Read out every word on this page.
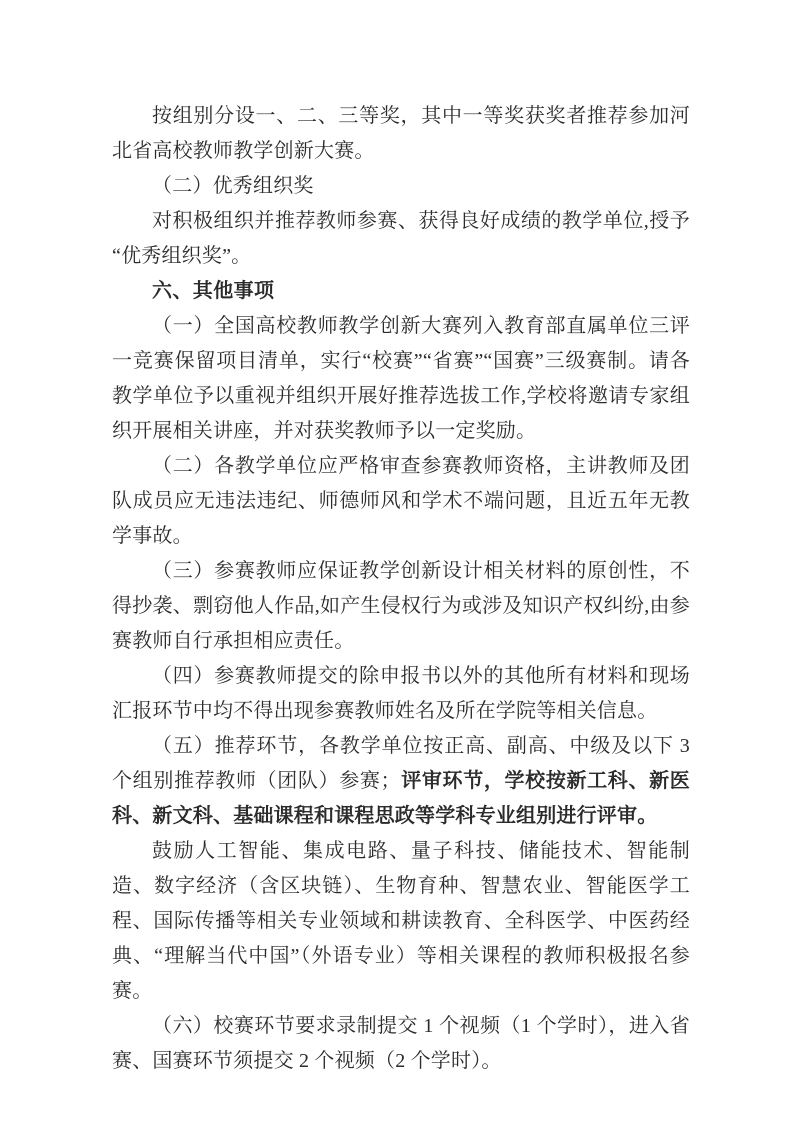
按组别分设一、二、三等奖，其中一等奖获奖者推荐参加河北省高校教师教学创新大赛。

（二）优秀组织奖

对积极组织并推荐教师参赛、获得良好成绩的教学单位,授予“优秀组织奖”。

六、其他事项

（一）全国高校教师教学创新大赛列入教育部直属单位三评一竞赛保留项目清单，实行“校赛”“省赛”“国赛”三级赛制。请各教学单位予以重视并组织开展好推荐选拔工作,学校将邀请专家组织开展相关讲座，并对获奖教师予以一定奖励。

（二）各教学单位应严格审查参赛教师资格，主讲教师及团队成员应无违法违纪、师德师风和学术不端问题，且近五年无教学事故。

（三）参赛教师应保证教学创新设计相关材料的原创性，不得抄袭、剽窃他人作品,如产生侵权行为或涉及知识产权纠纷,由参赛教师自行承担相应责任。

（四）参赛教师提交的除申报书以外的其他所有材料和现场汇报环节中均不得出现参赛教师姓名及所在学院等相关信息。

（五）推荐环节，各教学单位按正高、副高、中级及以下 3 个组别推荐教师（团队）参赛；评审环节，学校按新工科、新医科、新文科、基础课程和课程思政等学科专业组别进行评审。

鼓励人工智能、集成电路、量子科技、储能技术、智能制造、数字经济（含区块链）、生物育种、智慧农业、智能医学工程、国际传播等相关专业领域和耕读教育、全科医学、中医药经典、“理解当代中国”（外语专业）等相关课程的教师积极报名参赛。

（六）校赛环节要求录制提交 1 个视频（1 个学时），进入省赛、国赛环节须提交 2 个视频（2 个学时）。
